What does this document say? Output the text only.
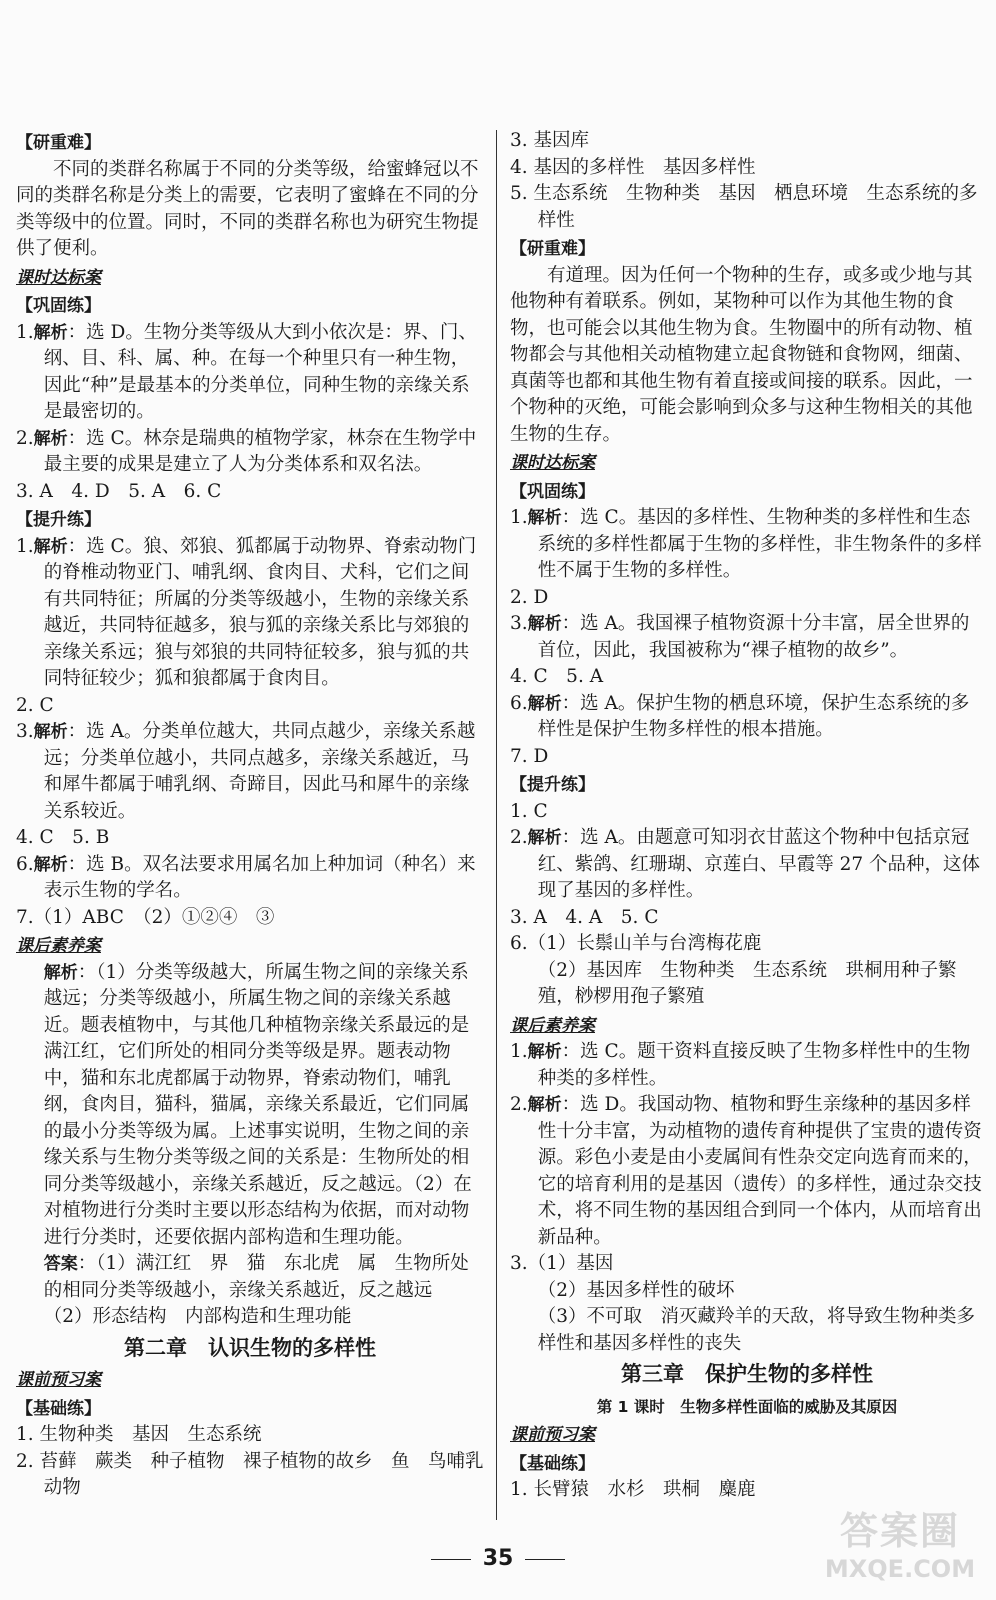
【研重难】

不同的类群名称属于不同的分类等级，给蜜蜂冠以不同的类群名称是分类上的需要，它表明了蜜蜂在不同的分类等级中的位置。同时，不同的类群名称也为研究生物提供了便利。

课时达标案
【巩固练】

1.解析：选 D。生物分类等级从大到小依次是：界、门、纲、目、科、属、种。在每一个种里只有一种生物，因此“种”是最基本的分类单位，同种生物的亲缘关系是最密切的。

2.解析：选 C。林奈是瑞典的植物学家，林奈在生物学中最主要的成果是建立了人为分类体系和双名法。

3. A　4. D　5. A　6. C

【提升练】

1.解析：选 C。狼、郊狼、狐都属于动物界、脊索动物门的脊椎动物亚门、哺乳纲、食肉目、犬科，它们之间有共同特征；所属的分类等级越小，生物的亲缘关系越近，共同特征越多，狼与狐的亲缘关系比与郊狼的亲缘关系远；狼与郊狼的共同特征较多，狼与狐的共同特征较少；狐和狼都属于食肉目。

2. C

3.解析：选 A。分类单位越大，共同点越少，亲缘关系越远；分类单位越小，共同点越多，亲缘关系越近，马和犀牛都属于哺乳纲、奇蹄目，因此马和犀牛的亲缘关系较近。

4. C　5. B

6.解析：选 B。双名法要求用属名加上种加词（种名）来表示生物的学名。

7.（1）ABC　（2）①②④　③

课后素养案

解析：（1）分类等级越大，所属生物之间的亲缘关系越远；分类等级越小，所属生物之间的亲缘关系越近。题表植物中，与其他几种植物亲缘关系最远的是满江红，它们所处的相同分类等级是界。题表动物中，猫和东北虎都属于动物界，脊索动物们，哺乳纲，食肉目，猫科，猫属，亲缘关系最近，它们同属的最小分类等级为属。上述事实说明，生物之间的亲缘关系与生物分类等级之间的关系是：生物所处的相同分类等级越小，亲缘关系越近，反之越远。（2）在对植物进行分类时主要以形态结构为依据，而对动物进行分类时，还要依据内部构造和生理功能。

答案：（1）满江红　界　猫　东北虎　属　生物所处的相同分类等级越小，亲缘关系越近，反之越远

（2）形态结构　内部构造和生理功能

第二章　认识生物的多样性
课前预习案
【基础练】

1. 生物种类　基因　生态系统

2. 苔藓　蕨类　种子植物　裸子植物的故乡　鱼　鸟哺乳动物

3. 基因库

4. 基因的多样性　基因多样性

5. 生态系统　生物种类　基因　栖息环境　生态系统的多样性

【研重难】

有道理。因为任何一个物种的生存，或多或少地与其他物种有着联系。例如，某物种可以作为其他生物的食物，也可能会以其他生物为食。生物圈中的所有动物、植物都会与其他相关动植物建立起食物链和食物网，细菌、真菌等也都和其他生物有着直接或间接的联系。因此，一个物种的灭绝，可能会影响到众多与这种生物相关的其他生物的生存。

课时达标案
【巩固练】

1.解析：选 C。基因的多样性、生物种类的多样性和生态系统的多样性都属于生物的多样性，非生物条件的多样性不属于生物的多样性。

2. D

3.解析：选 A。我国裸子植物资源十分丰富，居全世界的首位，因此，我国被称为“裸子植物的故乡”。

4. C　5. A

6.解析：选 A。保护生物的栖息环境，保护生态系统的多样性是保护生物多样性的根本措施。

7. D

【提升练】

1. C

2.解析：选 A。由题意可知羽衣甘蓝这个物种中包括京冠红、紫鸽、红珊瑚、京莲白、早霞等 27 个品种，这体现了基因的多样性。

3. A　4. A　5. C

6.（1）长鬃山羊与台湾梅花鹿

（2）基因库　生物种类　生态系统　珙桐用种子繁殖，桫椤用孢子繁殖

课后素养案

1.解析：选 C。题干资料直接反映了生物多样性中的生物种类的多样性。

2.解析：选 D。我国动物、植物和野生亲缘种的基因多样性十分丰富，为动植物的遗传育种提供了宝贵的遗传资源。彩色小麦是由小麦属间有性杂交定向选育而来的，它的培育利用的是基因（遗传）的多样性，通过杂交技术，将不同生物的基因组合到同一个体内，从而培育出新品种。

3.（1）基因

（2）基因多样性的破坏

（3）不可取　消灭藏羚羊的天敌，将导致生物种类多样性和基因多样性的丧失

第三章　保护生物的多样性
第 1 课时　生物多样性面临的威胁及其原因
课前预习案
【基础练】

1. 长臂猿　水杉　珙桐　麋鹿

35
答案圈
MXQE.COM
